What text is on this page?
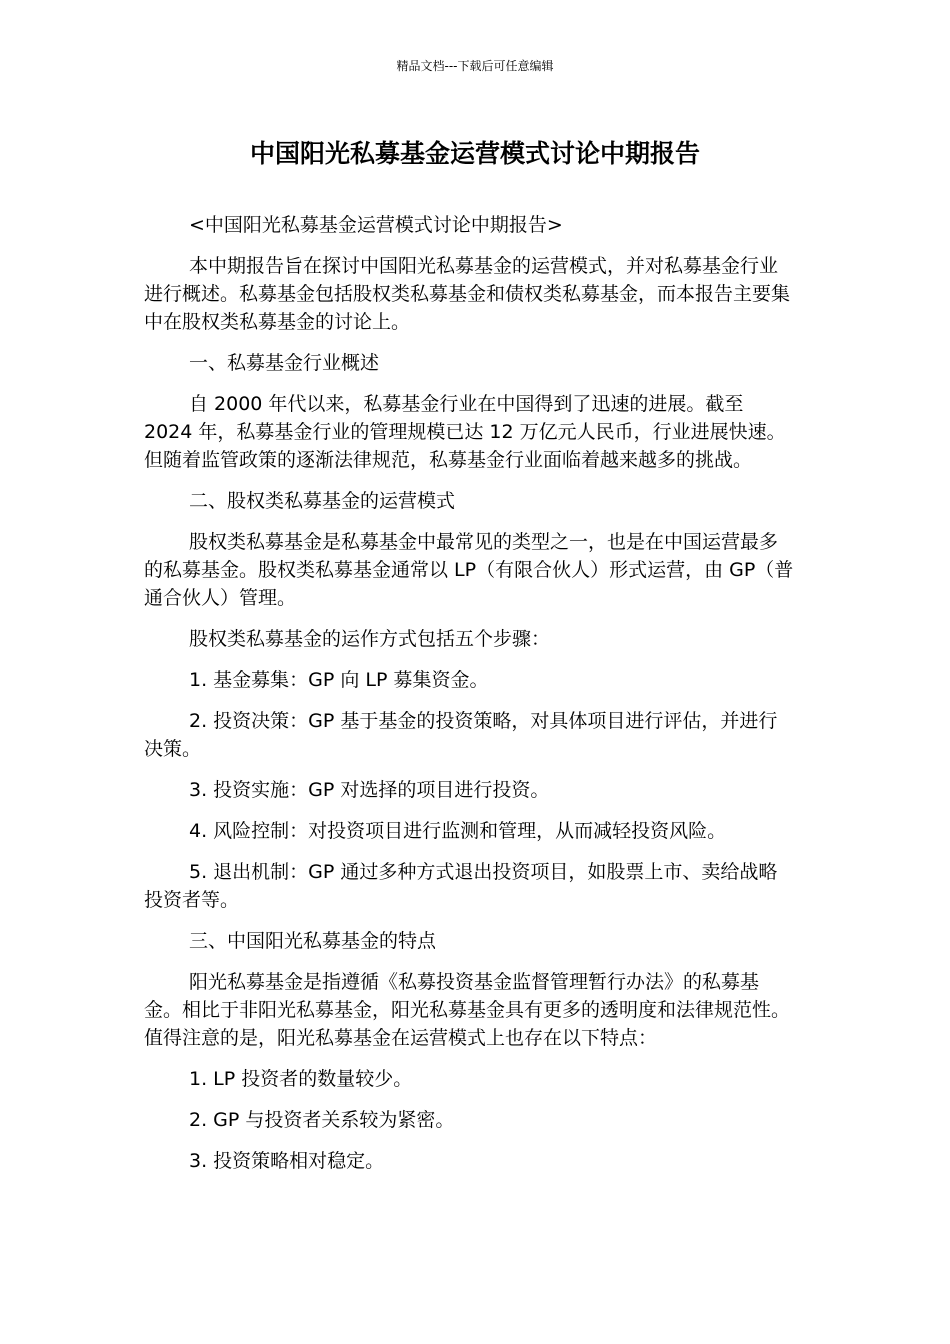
精品文档---下载后可任意编辑
中国阳光私募基金运营模式讨论中期报告

<中国阳光私募基金运营模式讨论中期报告>

本中期报告旨在探讨中国阳光私募基金的运营模式，并对私募基金行业进行概述。私募基金包括股权类私募基金和债权类私募基金，而本报告主要集中在股权类私募基金的讨论上。

一、私募基金行业概述

自 2000 年代以来，私募基金行业在中国得到了迅速的进展。截至 2024 年，私募基金行业的管理规模已达 12 万亿元人民币，行业进展快速。但随着监管政策的逐渐法律规范，私募基金行业面临着越来越多的挑战。

二、股权类私募基金的运营模式

股权类私募基金是私募基金中最常见的类型之一，也是在中国运营最多的私募基金。股权类私募基金通常以 LP（有限合伙人）形式运营，由 GP（普通合伙人）管理。

股权类私募基金的运作方式包括五个步骤：

1. 基金募集：GP 向 LP 募集资金。

2. 投资决策：GP 基于基金的投资策略，对具体项目进行评估，并进行决策。

3. 投资实施：GP 对选择的项目进行投资。

4. 风险控制：对投资项目进行监测和管理，从而减轻投资风险。

5. 退出机制：GP 通过多种方式退出投资项目，如股票上市、卖给战略投资者等。

三、中国阳光私募基金的特点

阳光私募基金是指遵循《私募投资基金监督管理暂行办法》的私募基金。相比于非阳光私募基金，阳光私募基金具有更多的透明度和法律规范性。值得注意的是，阳光私募基金在运营模式上也存在以下特点：

1. LP 投资者的数量较少。

2. GP 与投资者关系较为紧密。

3. 投资策略相对稳定。
